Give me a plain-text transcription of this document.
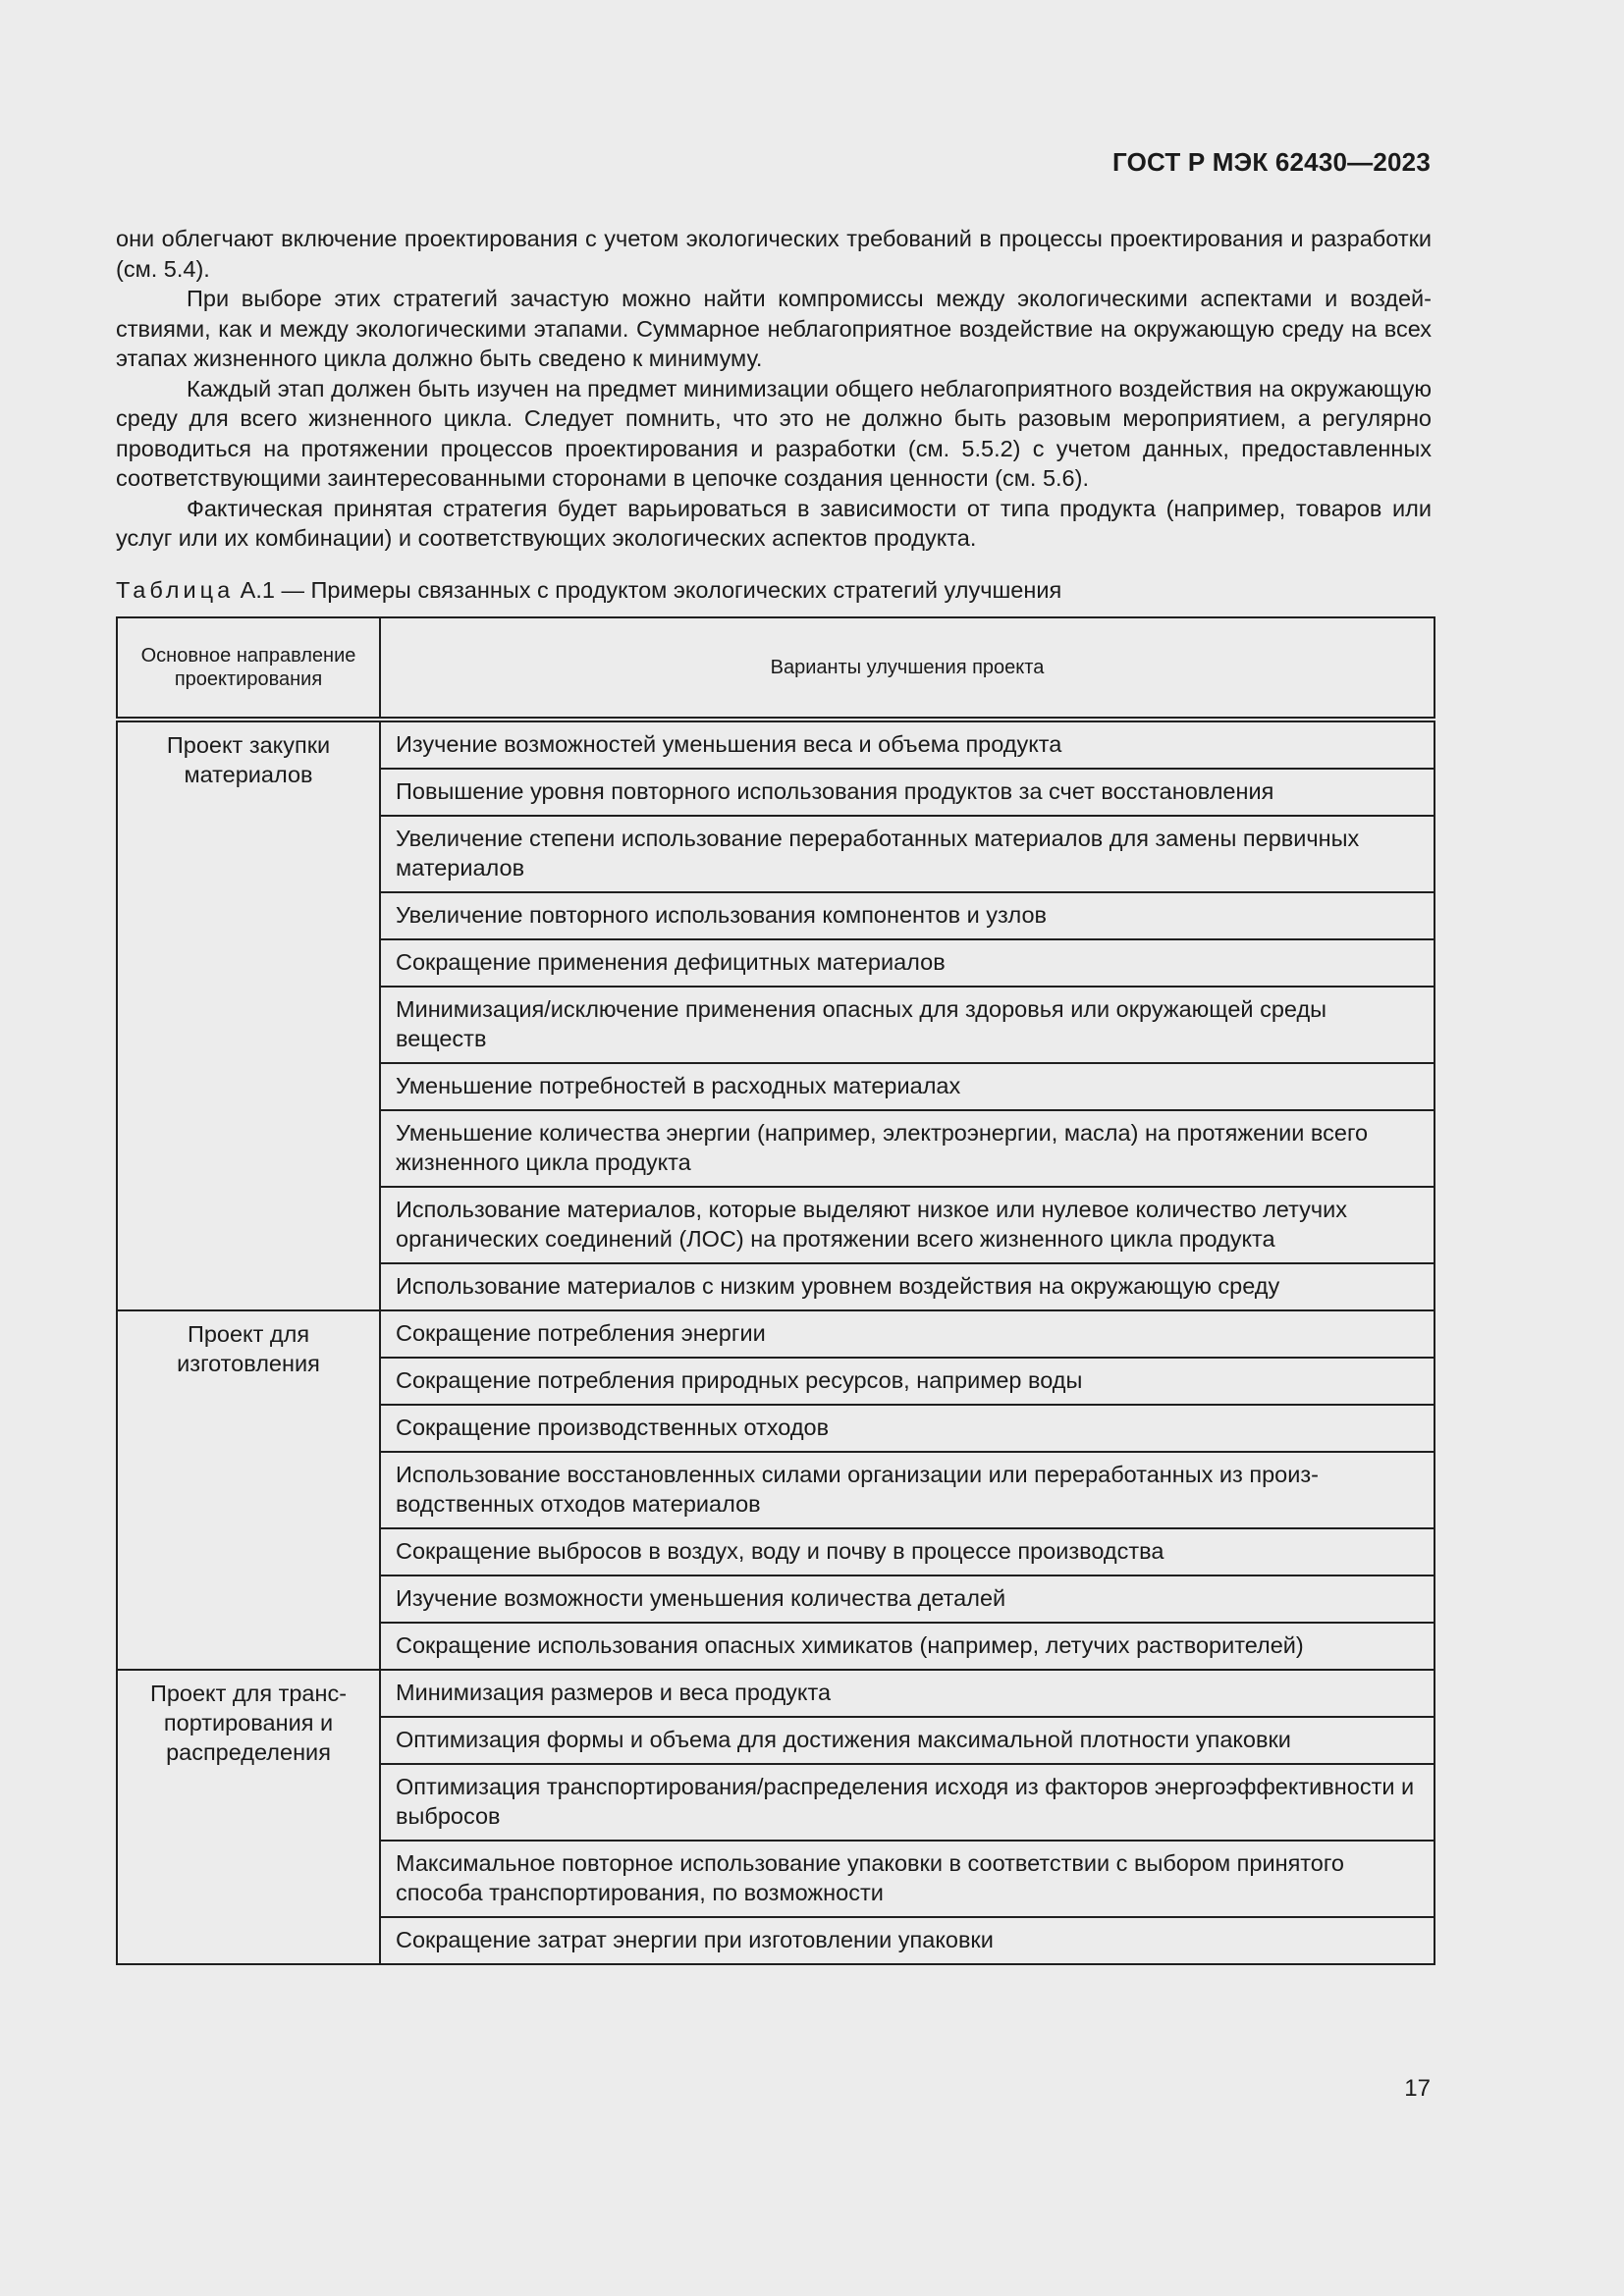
ГОСТ Р МЭК 62430—2023

они облегчают включение проектирования с учетом экологических требований в процессы проектирования и разработки (см. 5.4).

При выборе этих стратегий зачастую можно найти компромиссы между экологическими аспектами и воздействиями, как и между экологическими этапами. Суммарное неблагоприятное воздействие на окружающую среду на всех этапах жизненного цикла должно быть сведено к минимуму.

Каждый этап должен быть изучен на предмет минимизации общего неблагоприятного воздействия на окружающую среду для всего жизненного цикла. Следует помнить, что это не должно быть разовым мероприятием, а регулярно проводиться на протяжении процессов проектирования и разработки (см. 5.5.2) с учетом данных, предоставленных соответствующими заинтересованными сторонами в цепочке создания ценности (см. 5.6).

Фактическая принятая стратегия будет варьироваться в зависимости от типа продукта (например, товаров или услуг или их комбинации) и соответствующих экологических аспектов продукта.

Таблица А.1 — Примеры связанных с продуктом экологических стратегий улучшения
Основное направление проектирования	Варианты улучшения проекта
Проект закупки материалов	Изучение возможностей уменьшения веса и объема продукта
	Повышение уровня повторного использования продуктов за счет восстановления
	Увеличение степени использование переработанных материалов для замены первичных материалов
	Увеличение повторного использования компонентов и узлов
	Сокращение применения дефицитных материалов
	Минимизация/исключение применения опасных для здоровья или окружающей среды веществ
	Уменьшение потребностей в расходных материалах
	Уменьшение количества энергии (например, электроэнергии, масла) на протяжении всего жизненного цикла продукта
	Использование материалов, которые выделяют низкое или нулевое количество летучих органических соединений (ЛОС) на протяжении всего жизненного цикла продукта
	Использование материалов с низким уровнем воздействия на окружающую среду
Проект для изготовления	Сокращение потребления энергии
	Сокращение потребления природных ресурсов, например воды
	Сокращение производственных отходов
	Использование восстановленных силами организации или переработанных из производственных отходов материалов
	Сокращение выбросов в воздух, воду и почву в процессе производства
	Изучение возможности уменьшения количества деталей
	Сокращение использования опасных химикатов (например, летучих растворителей)
Проект для транспортирования и распределения	Минимизация размеров и веса продукта
	Оптимизация формы и объема для достижения максимальной плотности упаковки
	Оптимизация транспортирования/распределения исходя из факторов энергоэффективности и выбросов
	Максимальное повторное использование упаковки в соответствии с выбором принятого способа транспортирования, по возможности
	Сокращение затрат энергии при изготовлении упаковки
17
